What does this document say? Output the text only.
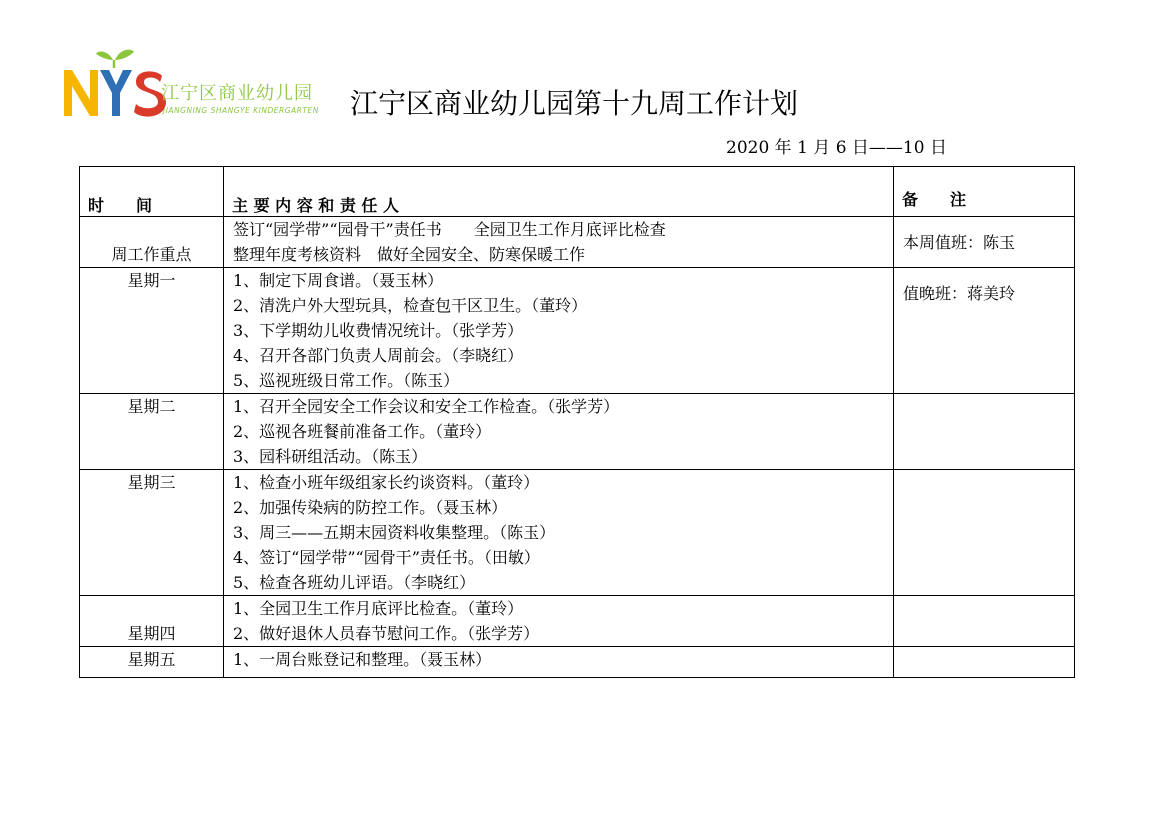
江宁区商业幼儿园
JIANGNING SHANGYE KINDERGARTEN 江宁区商业幼儿园第十九周工作计划
2020 年 1 月 6 日——10 日
时　　间	主 要 内 容 和 责 任 人	备　　注

周工作重点	签订“园学带”“园骨干”责任书　　全园卫生工作月底评比检查
整理年度考核资料　做好全园安全、防寒保暖工作	本周值班：陈玉

星期一	1、制定下周食谱。（聂玉林）
2、清洗户外大型玩具，检查包干区卫生。（董玲）
3、下学期幼儿收费情况统计。（张学芳）
4、召开各部门负责人周前会。（李晓红）
5、巡视班级日常工作。（陈玉）	值晚班：蒋美玲

星期二	1、召开全园安全工作会议和安全工作检查。（张学芳）
2、巡视各班餐前准备工作。（董玲）
3、园科研组活动。（陈玉）	

星期三	1、检查小班年级组家长约谈资料。（董玲）
2、加强传染病的防控工作。（聂玉林）
3、周三——五期末园资料收集整理。（陈玉）
4、签订“园学带”“园骨干”责任书。（田敏）
5、检查各班幼儿评语。（李晓红）	

星期四	1、全园卫生工作月底评比检查。（董玲）
2、做好退休人员春节慰问工作。（张学芳）	

星期五	1、一周台账登记和整理。（聂玉林）	
